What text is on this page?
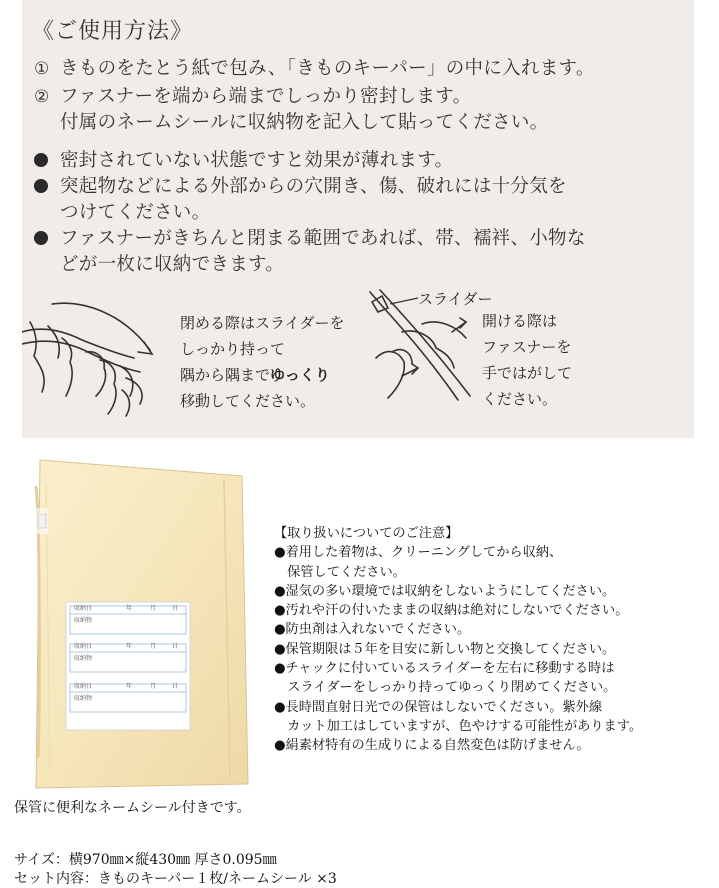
《ご使用方法》
① きものをたとう紙で包み、「きものキーパー」の中に入れます。
② ファスナーを端から端までしっかり密封します。
付属のネームシールに収納物を記入して貼ってください。
密封されていない状態ですと効果が薄れます。
突起物などによる外部からの穴開き、傷、破れには十分気を
つけてください。
ファスナーがきちんと閉まる範囲であれば、帯、襦袢、小物な
どが一枚に収納できます。
閉める際はスライダーを
しっかり持って
隅から隅までゆっくり
移動してください。
スライダー
開ける際は
ファスナーを
手ではがして
ください。
収納日	年	月	日
収納物
収納日	年	月	日
収納物
収納日	年	月	日
収納物
【取り扱いについてのご注意】
●着用した着物は、クリーニングしてから収納、
　保管してください。
●湿気の多い環境では収納をしないようにしてください。
●汚れや汗の付いたままの収納は絶対にしないでください。
●防虫剤は入れないでください。
●保管期限は５年を目安に新しい物と交換してください。
●チャックに付いているスライダーを左右に移動する時は
　スライダーをしっかり持ってゆっくり閉めてください。
●長時間直射日光での保管はしないでください。紫外線
　カット加工はしていますが、色やけする可能性があります。
●絹素材特有の生成りによる自然変色は防げません。
保管に便利なネームシール付きです。
サイズ：横970㎜×縦430㎜ 厚さ0.095㎜
セット内容：きものキーパー１枚/ネームシール ×3
